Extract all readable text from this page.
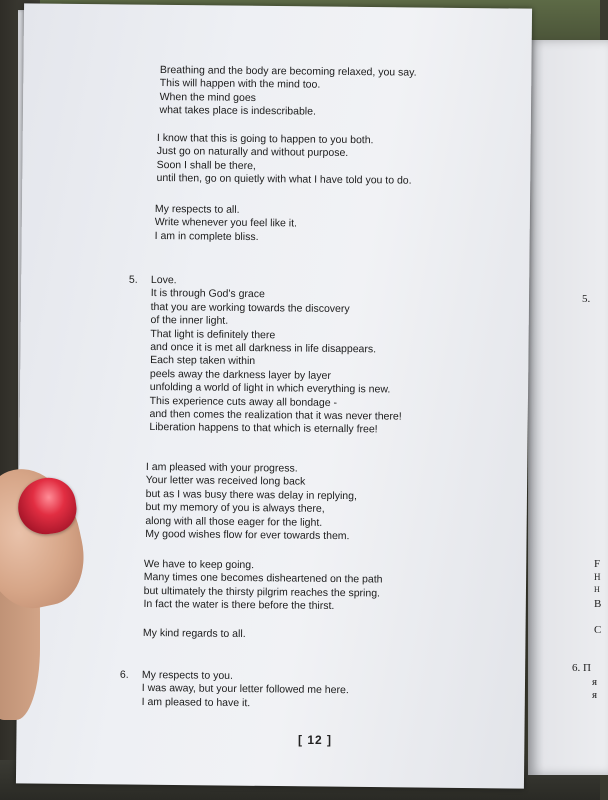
5.
F
H
H
B
C
6. П
я
я
Breathing and the body are becoming relaxed, you say.
This will happen with the mind too.
When the mind goes
what takes place is indescribable.
I know that this is going to happen to you both.
Just go on naturally and without purpose.
Soon I shall be there,
until then, go on quietly with what I have told you to do.
My respects to all.
Write whenever you feel like it.
I am in complete bliss.
5. Love.
It is through God's grace
that you are working towards the discovery
of the inner light.
That light is definitely there
and once it is met all darkness in life disappears.
Each step taken within
peels away the darkness layer by layer
unfolding a world of light in which everything is new.
This experience cuts away all bondage -
and then comes the realization that it was never there!
Liberation happens to that which is eternally free!
I am pleased with your progress.
Your letter was received long back
but as I was busy there was delay in replying,
but my memory of you is always there,
along with all those eager for the light.
My good wishes flow for ever towards them.
We have to keep going.
Many times one becomes disheartened on the path
but ultimately the thirsty pilgrim reaches the spring.
In fact the water is there before the thirst.
My kind regards to all.
6. My respects to you.
I was away, but your letter followed me here.
I am pleased to have it.
[ 12 ]
